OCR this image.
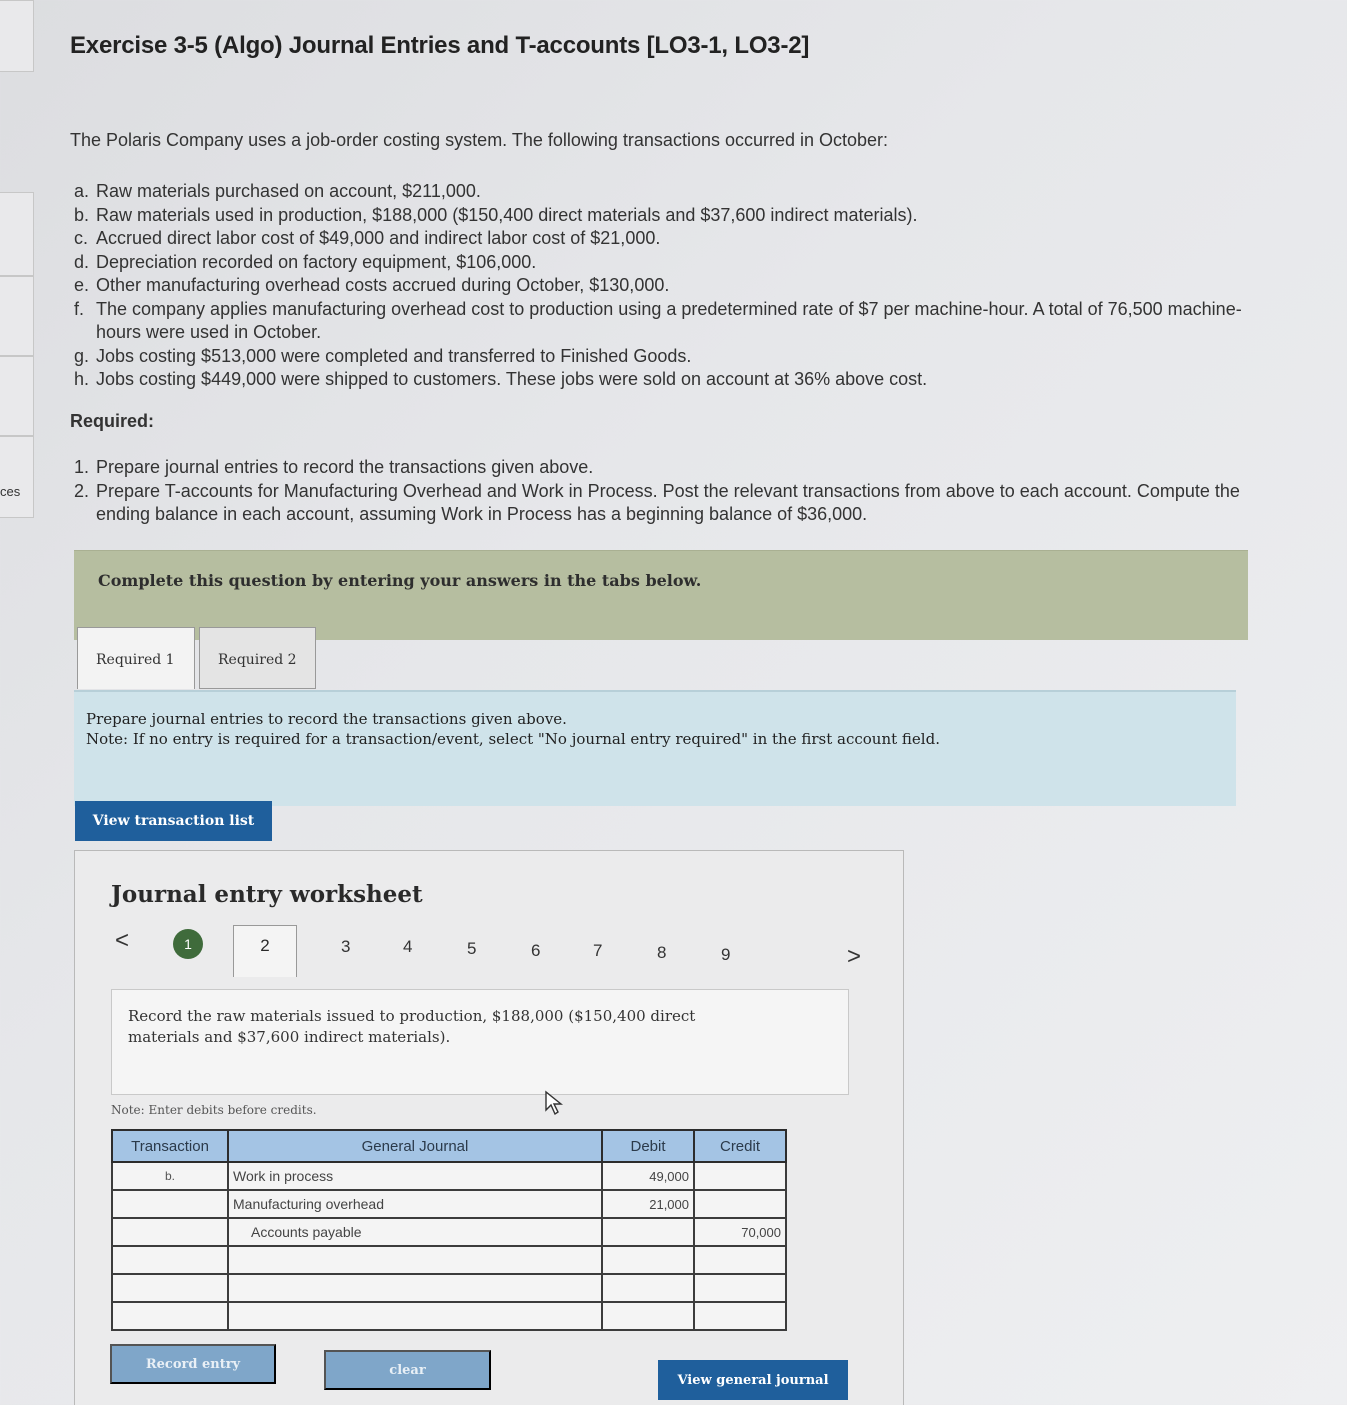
ces
Exercise 3-5 (Algo) Journal Entries and T-accounts [LO3-1, LO3-2]

The Polaris Company uses a job-order costing system. The following transactions occurred in October:

a. Raw materials purchased on account, $211,000.
b. Raw materials used in production, $188,000 ($150,400 direct materials and $37,600 indirect materials).
c. Accrued direct labor cost of $49,000 and indirect labor cost of $21,000.
d. Depreciation recorded on factory equipment, $106,000.
e. Other manufacturing overhead costs accrued during October, $130,000.
f. The company applies manufacturing overhead cost to production using a predetermined rate of $7 per machine-hour. A total of 76,500 machine-hours were used in October.
g. Jobs costing $513,000 were completed and transferred to Finished Goods.
h. Jobs costing $449,000 were shipped to customers. These jobs were sold on account at 36% above cost.
Required:
1. Prepare journal entries to record the transactions given above.
2. Prepare T-accounts for Manufacturing Overhead and Work in Process. Post the relevant transactions from above to each account. Compute the ending balance in each account, assuming Work in Process has a beginning balance of $36,000.
Complete this question by entering your answers in the tabs below.
Required 1	Required 2
Prepare journal entries to record the transactions given above.
Note: If no entry is required for a transaction/event, select "No journal entry required" in the first account field.
View transaction list
Journal entry worksheet
<	1	2	3	4	5	6	7	8	9	>

Record the raw materials issued to production, $188,000 ($150,400 direct materials and $37,600 indirect materials).

Note: Enter debits before credits.
Transaction	General Journal	Debit	Credit
b.	Work in process	49,000	
	Manufacturing overhead	21,000	
	Accounts payable		70,000

Record entry	clear
View general journal
